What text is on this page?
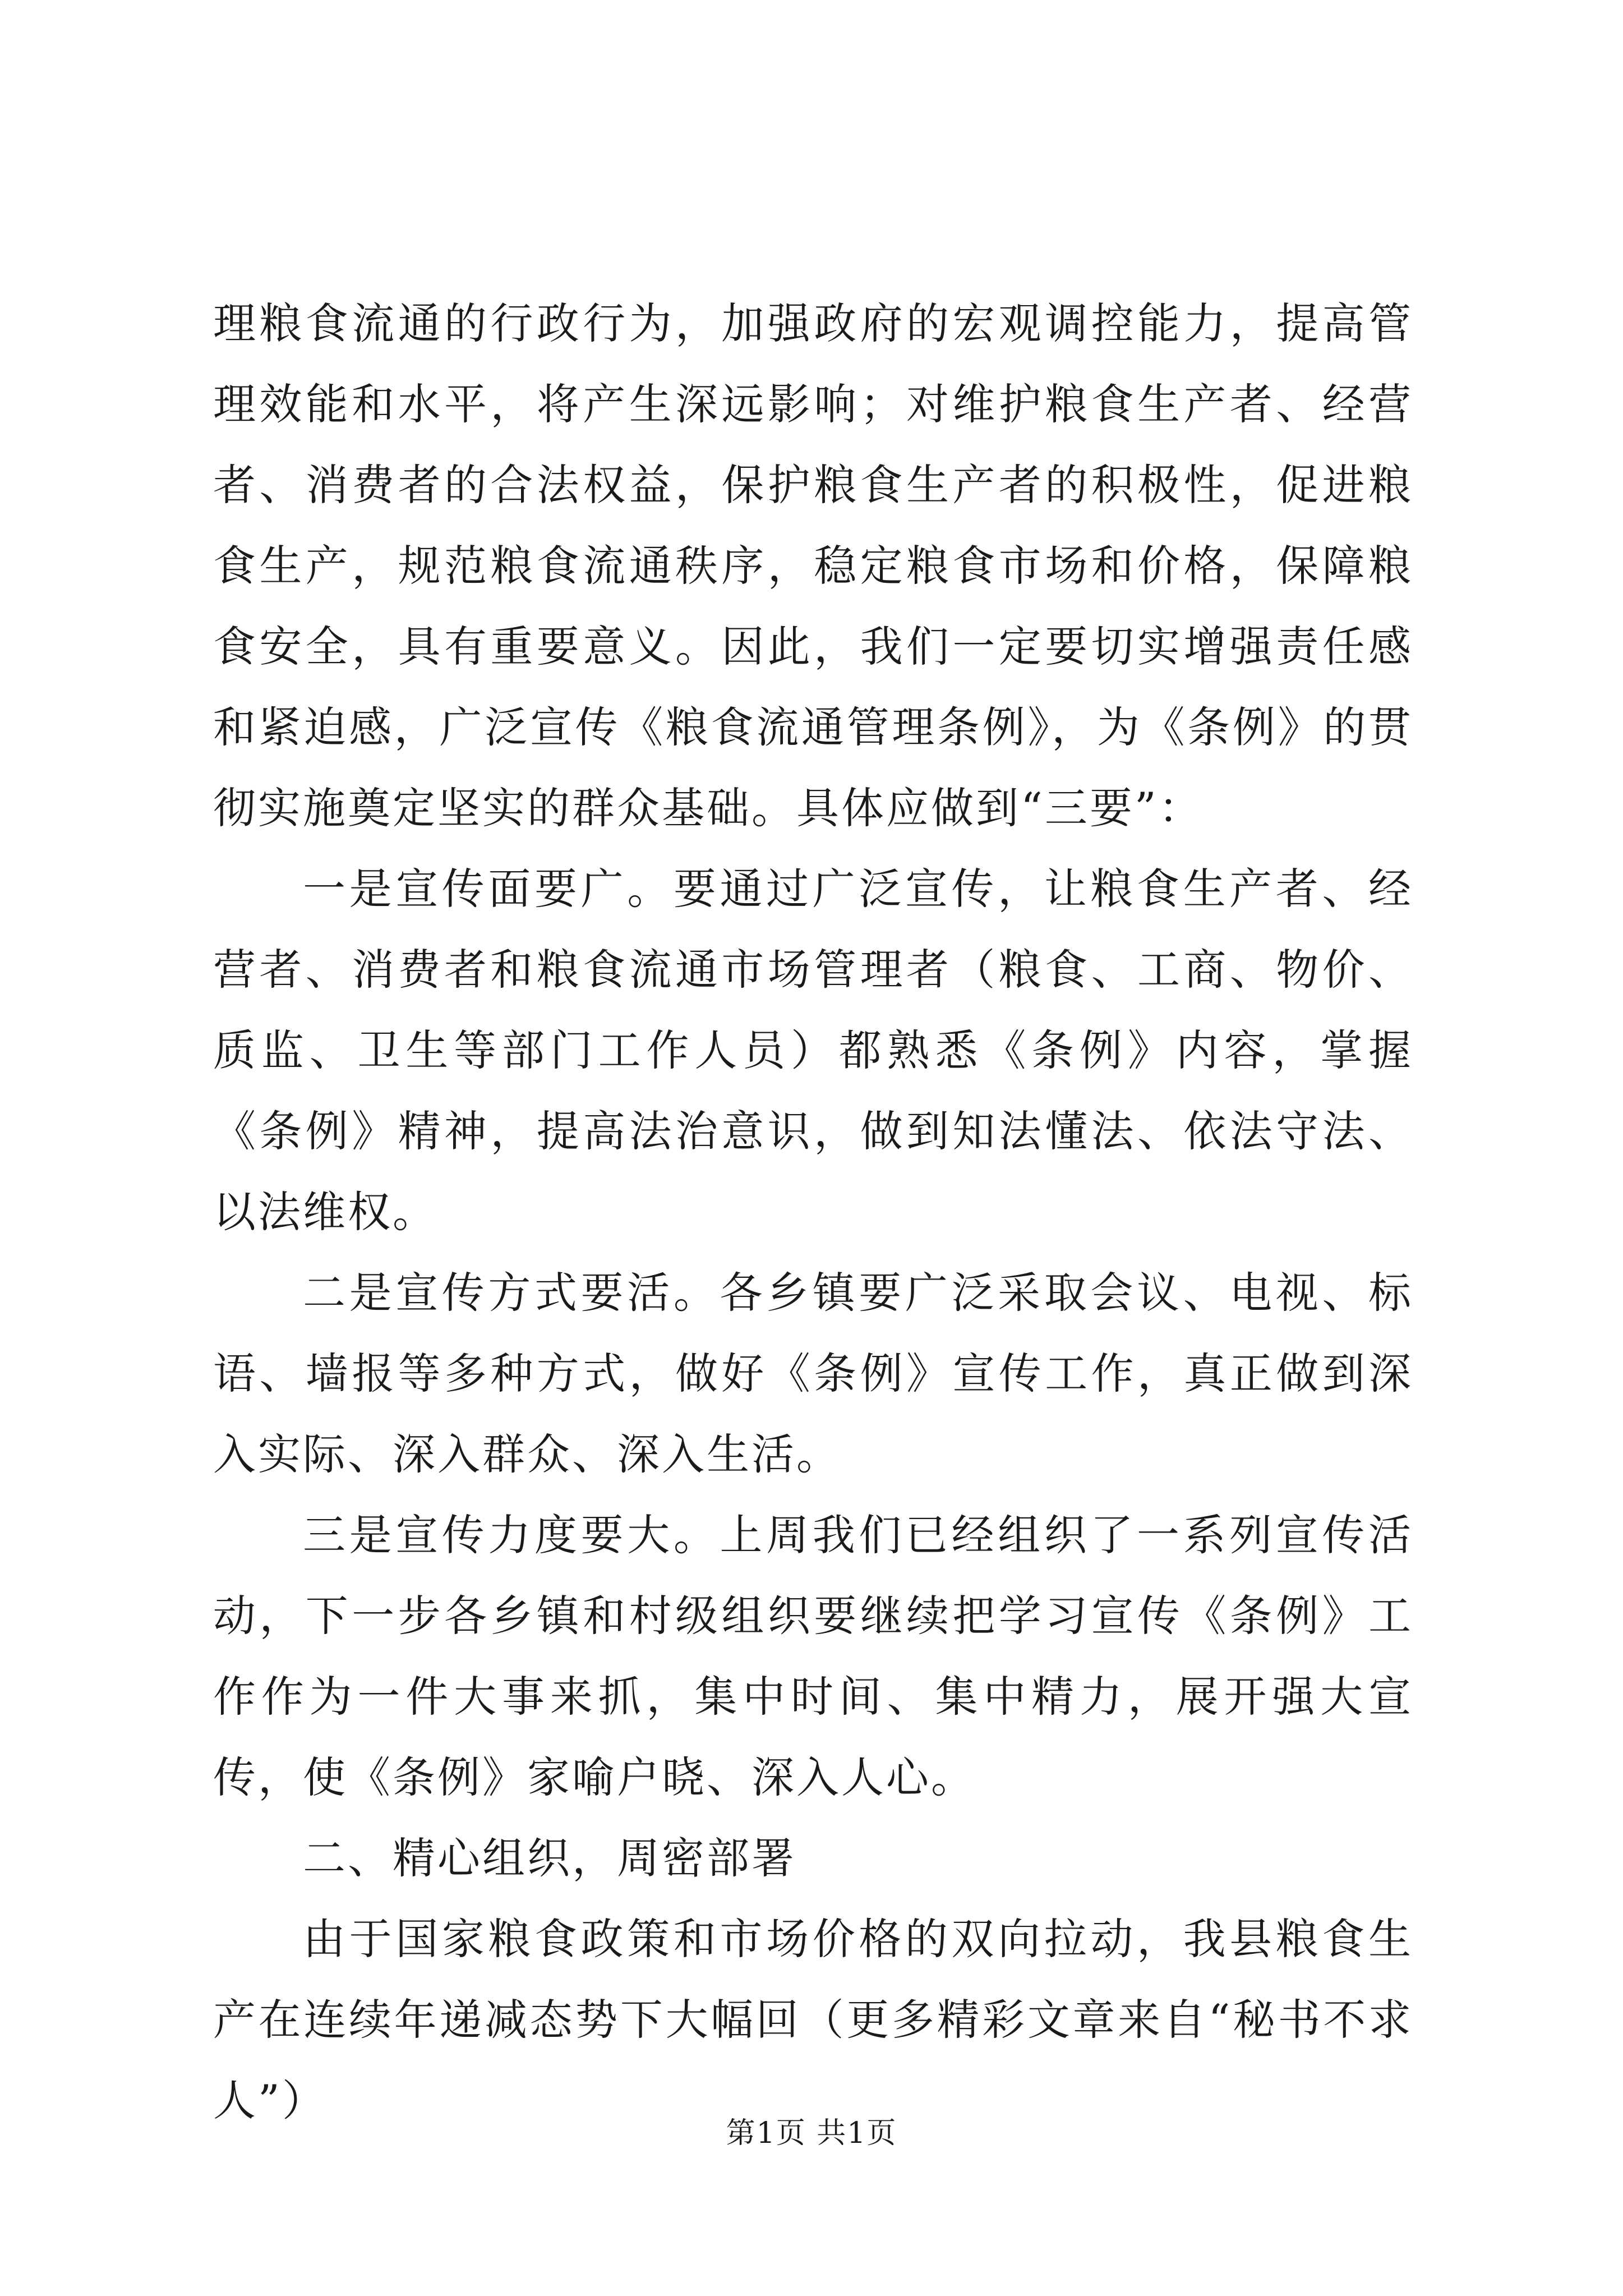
理粮食流通的行政行为，加强政府的宏观调控能力，提高管理效能和水平，将产生深远影响；对维护粮食生产者、经营者、消费者的合法权益，保护粮食生产者的积极性，促进粮食生产，规范粮食流通秩序，稳定粮食市场和价格，保障粮食安全，具有重要意义。因此，我们一定要切实增强责任感和紧迫感，广泛宣传《粮食流通管理条例》，为《条例》的贯彻实施奠定坚实的群众基础。具体应做到“三要”：

一是宣传面要广。要通过广泛宣传，让粮食生产者、经营者、消费者和粮食流通市场管理者（粮食、工商、物价、质监、卫生等部门工作人员）都熟悉《条例》内容，掌握《条例》精神，提高法治意识，做到知法懂法、依法守法、以法维权。

二是宣传方式要活。各乡镇要广泛采取会议、电视、标语、墙报等多种方式，做好《条例》宣传工作，真正做到深入实际、深入群众、深入生活。

三是宣传力度要大。上周我们已经组织了一系列宣传活动，下一步各乡镇和村级组织要继续把学习宣传《条例》工作作为一件大事来抓，集中时间、集中精力，展开强大宣传，使《条例》家喻户晓、深入人心。

二、精心组织，周密部署

由于国家粮食政策和市场价格的双向拉动，我县粮食生产在连续年递减态势下大幅回（更多精彩文章来自“秘书不求人”）

第1页 共1页
